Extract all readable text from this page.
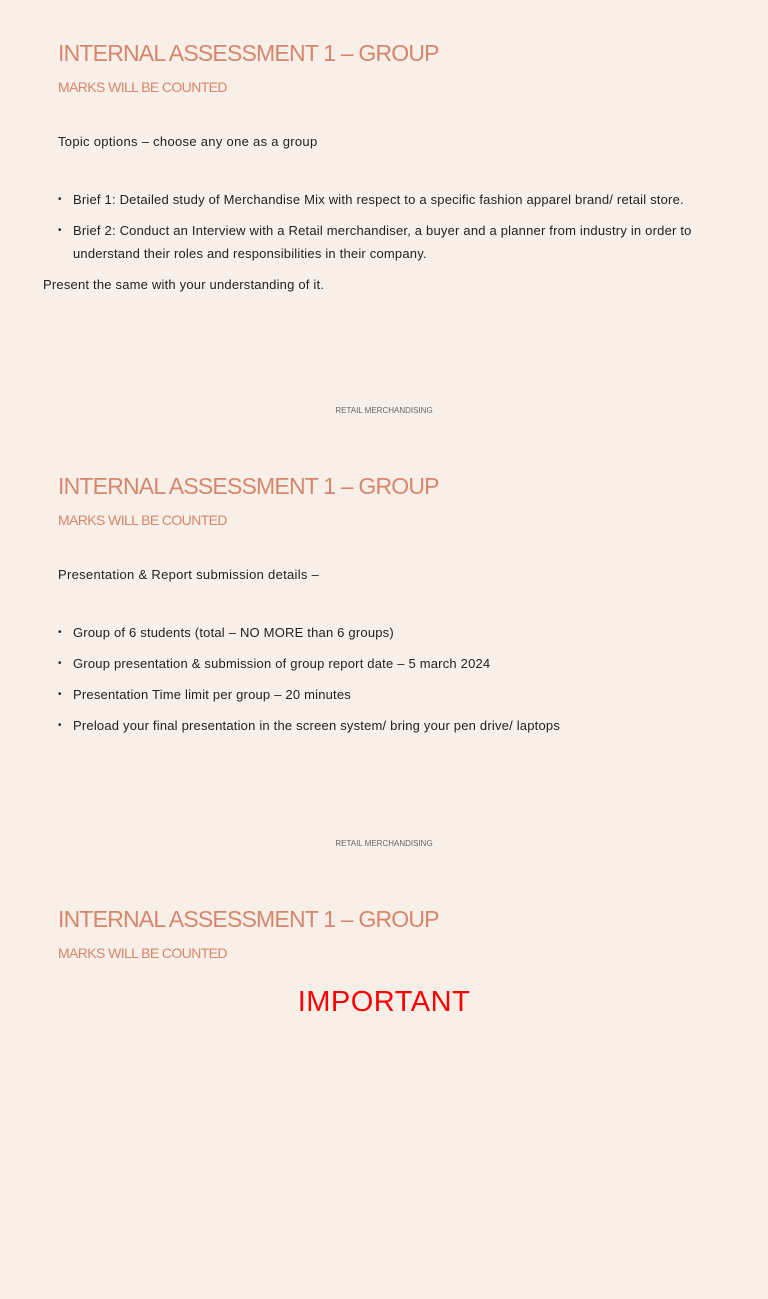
INTERNAL ASSESSMENT 1 – GROUP
MARKS WILL BE COUNTED
Topic options – choose any one as a group
• Brief 1: Detailed study of Merchandise Mix with respect to a specific fashion apparel brand/ retail store.
• Brief 2: Conduct an Interview with a Retail merchandiser, a buyer and a planner from industry in order to understand their roles and responsibilities in their company.
Present the same with your understanding of it.
RETAIL MERCHANDISING
INTERNAL ASSESSMENT 1 – GROUP
MARKS WILL BE COUNTED
Presentation & Report submission details –
• Group of 6 students (total – NO MORE than 6 groups)
• Group presentation & submission of group report date – 5 march 2024
• Presentation Time limit per group – 20 minutes
• Preload your final presentation in the screen system/ bring your pen drive/ laptops
RETAIL MERCHANDISING
INTERNAL ASSESSMENT 1 – GROUP
MARKS WILL BE COUNTED
IMPORTANT
